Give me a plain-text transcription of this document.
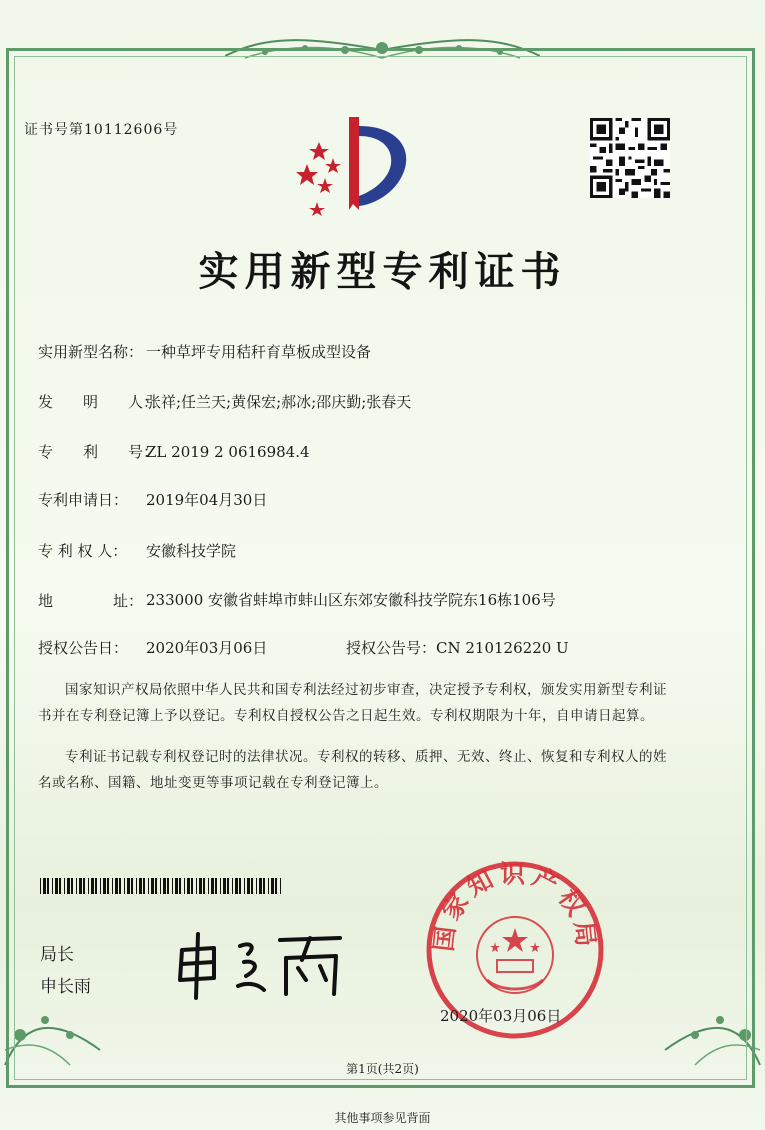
证书号第10112606号
实用新型专利证书
实用新型名称： 一种草坪专用秸秆育草板成型设备
发　　明　　人：张祥;任兰天;黄保宏;郝冰;邵庆勤;张春天
专　　利　　号：ZL 2019 2 0616984.4
专利申请日： 2019年04月30日
专 利 权 人： 安徽科技学院
地　　　　址： 233000 安徽省蚌埠市蚌山区东郊安徽科技学院东16栋106号
授权公告日： 2020年03月06日	授权公告号：CN 210126220 U
国家知识产权局依照中华人民共和国专利法经过初步审查，决定授予专利权，颁发实用新型专利证书并在专利登记簿上予以登记。专利权自授权公告之日起生效。专利权期限为十年，自申请日起算。
专利证书记载专利权登记时的法律状况。专利权的转移、质押、无效、终止、恢复和专利权人的姓名或名称、国籍、地址变更等事项记载在专利登记簿上。
局长
申长雨
国家知识产权局
2020年03月06日
第1页(共2页)
其他事项参见背面
